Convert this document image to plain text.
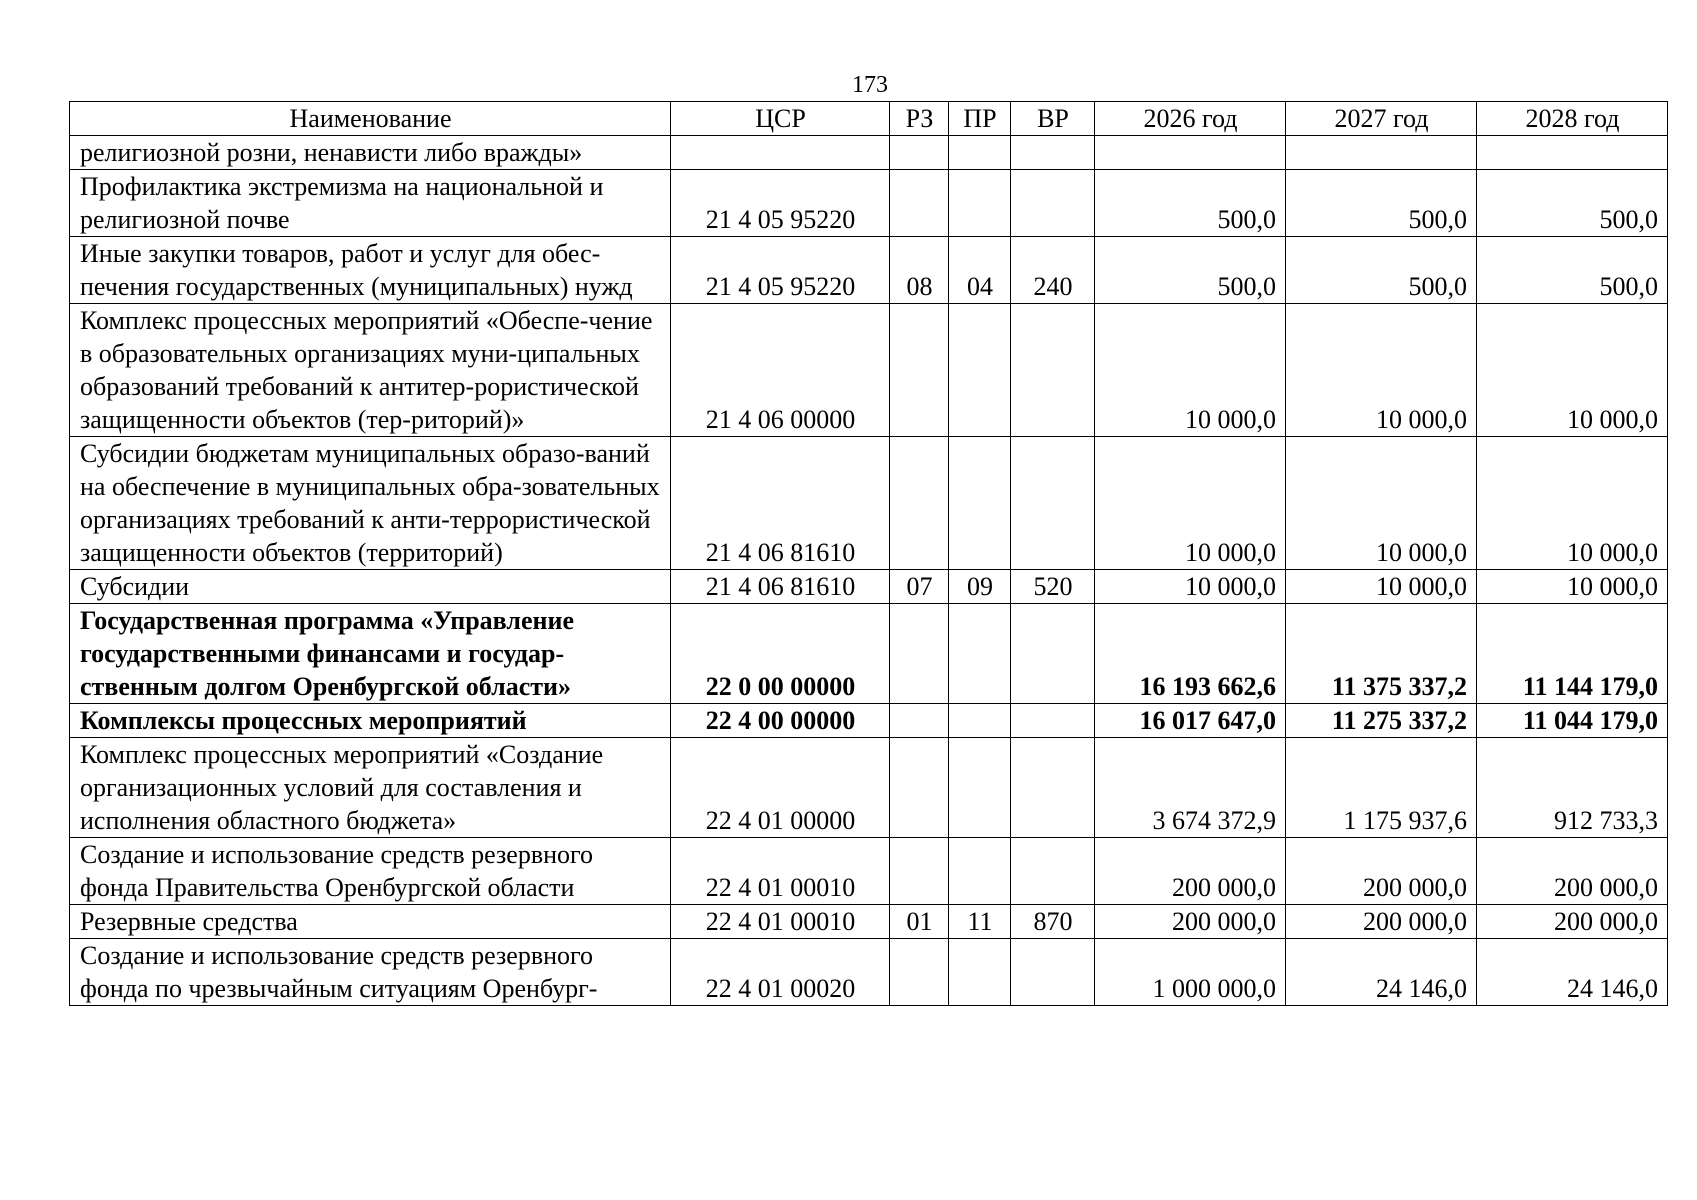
173
Наименование	ЦСР	РЗ	ПР	ВР	2026 год	2027 год	2028 год
религиозной розни, ненависти либо вражды»							
Профилактика экстремизма на национальной и религиозной почве	21 4 05 95220				500,0	500,0	500,0
Иные закупки товаров, работ и услуг для обес-печения государственных (муниципальных) нужд	21 4 05 95220	08	04	240	500,0	500,0	500,0
Комплекс процессных мероприятий «Обеспе-чение в образовательных организациях муни-ципальных образований требований к антитер-рористической защищенности объектов (тер-риторий)»	21 4 06 00000				10 000,0	10 000,0	10 000,0
Субсидии бюджетам муниципальных образо-ваний на обеспечение в муниципальных обра-зовательных организациях требований к анти-террористической защищенности объектов (территорий)	21 4 06 81610				10 000,0	10 000,0	10 000,0
Субсидии	21 4 06 81610	07	09	520	10 000,0	10 000,0	10 000,0
Государственная программа «Управление государственными финансами и государ-ственным долгом Оренбургской области»	22 0 00 00000				16 193 662,6	11 375 337,2	11 144 179,0
Комплексы процессных мероприятий	22 4 00 00000				16 017 647,0	11 275 337,2	11 044 179,0
Комплекс процессных мероприятий «Создание организационных условий для составления и исполнения областного бюджета»	22 4 01 00000				3 674 372,9	1 175 937,6	912 733,3
Создание и использование средств резервного фонда Правительства Оренбургской области	22 4 01 00010				200 000,0	200 000,0	200 000,0
Резервные средства	22 4 01 00010	01	11	870	200 000,0	200 000,0	200 000,0
Создание и использование средств резервного фонда по чрезвычайным ситуациям Оренбург-	22 4 01 00020				1 000 000,0	24 146,0	24 146,0
